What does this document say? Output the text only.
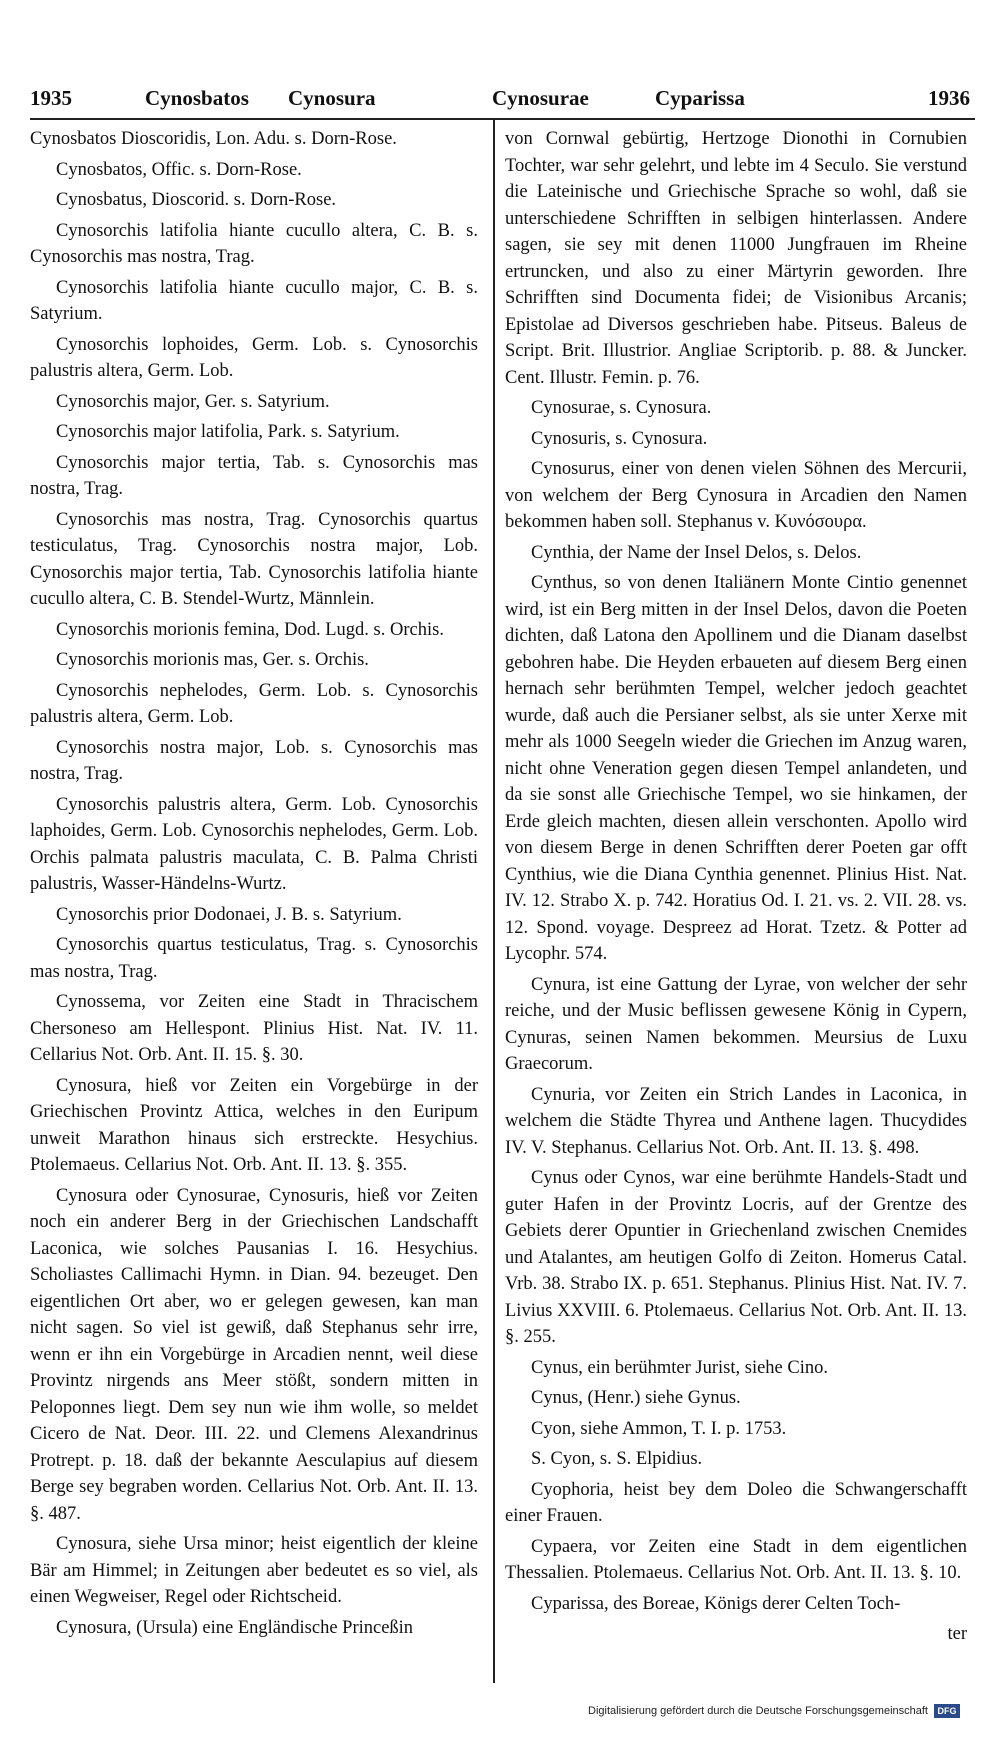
1935	Cynosbatos Cynosura	Cynosurae	Cyparissa	1936

Cynosbatos Dioscoridis, Lon. Adu. s. Dorn-Rose.

Cynosbatos, Offic. s. Dorn-Rose.

Cynosbatus, Dioscorid. s. Dorn-Rose.

Cynosorchis latifolia hiante cucullo altera, C. B. s. Cynosorchis mas nostra, Trag.

Cynosorchis latifolia hiante cucullo major, C. B. s. Satyrium.

Cynosorchis lophoides, Germ. Lob. s. Cynosorchis palustris altera, Germ. Lob.

Cynosorchis major, Ger. s. Satyrium.

Cynosorchis major latifolia, Park. s. Satyrium.

Cynosorchis major tertia, Tab. s. Cynosorchis mas nostra, Trag.

Cynosorchis mas nostra, Trag. Cynosorchis quartus testiculatus, Trag. Cynosorchis nostra major, Lob. Cynosorchis major tertia, Tab. Cynosorchis latifolia hiante cucullo altera, C. B. Stendel-Wurtz, Männlein.

Cynosorchis morionis femina, Dod. Lugd. s. Orchis.

Cynosorchis morionis mas, Ger. s. Orchis.

Cynosorchis nephelodes, Germ. Lob. s. Cynosorchis palustris altera, Germ. Lob.

Cynosorchis nostra major, Lob. s. Cynosorchis mas nostra, Trag.

Cynosorchis palustris altera, Germ. Lob. Cynosorchis laphoides, Germ. Lob. Cynosorchis nephelodes, Germ. Lob. Orchis palmata palustris maculata, C. B. Palma Christi palustris, Wasser-Händelns-Wurtz.

Cynosorchis prior Dodonaei, J. B. s. Satyrium.

Cynosorchis quartus testiculatus, Trag. s. Cynosorchis mas nostra, Trag.

Cynossema, vor Zeiten eine Stadt in Thracischem Chersoneso am Hellespont. Plinius Hist. Nat. IV. 11. Cellarius Not. Orb. Ant. II. 15. §. 30.

Cynosura, hieß vor Zeiten ein Vorgebürge in der Griechischen Provintz Attica, welches in den Euripum unweit Marathon hinaus sich erstreckte. Hesychius. Ptolemaeus. Cellarius Not. Orb. Ant. II. 13. §. 355.

Cynosura oder Cynosurae, Cynosuris, hieß vor Zeiten noch ein anderer Berg in der Griechischen Landschafft Laconica, wie solches Pausanias I. 16. Hesychius. Scholiastes Callimachi Hymn. in Dian. 94. bezeuget. Den eigentlichen Ort aber, wo er gelegen gewesen, kan man nicht sagen. So viel ist gewiß, daß Stephanus sehr irre, wenn er ihn ein Vorgebürge in Arcadien nennt, weil diese Provintz nirgends ans Meer stößt, sondern mitten in Peloponnes liegt. Dem sey nun wie ihm wolle, so meldet Cicero de Nat. Deor. III. 22. und Clemens Alexandrinus Protrept. p. 18. daß der bekannte Aesculapius auf diesem Berge sey begraben worden. Cellarius Not. Orb. Ant. II. 13. §. 487.

Cynosura, siehe Ursa minor; heist eigentlich der kleine Bär am Himmel; in Zeitungen aber bedeutet es so viel, als einen Wegweiser, Regel oder Richtscheid.

Cynosura, (Ursula) eine Engländische Princeßin

von Cornwal gebürtig, Hertzoge Dionothi in Cornubien Tochter, war sehr gelehrt, und lebte im 4 Seculo. Sie verstund die Lateinische und Griechische Sprache so wohl, daß sie unterschiedene Schrifften in selbigen hinterlassen. Andere sagen, sie sey mit denen 11000 Jungfrauen im Rheine ertruncken, und also zu einer Märtyrin geworden. Ihre Schrifften sind Documenta fidei; de Visionibus Arcanis; Epistolae ad Diversos geschrieben habe. Pitseus. Baleus de Script. Brit. Illustrior. Angliae Scriptorib. p. 88. & Juncker. Cent. Illustr. Femin. p. 76.

Cynosurae, s. Cynosura.

Cynosuris, s. Cynosura.

Cynosurus, einer von denen vielen Söhnen des Mercurii, von welchem der Berg Cynosura in Arcadien den Namen bekommen haben soll. Stephanus v. Κυνόσουρα.

Cynthia, der Name der Insel Delos, s. Delos.

Cynthus, so von denen Italiänern Monte Cintio genennet wird, ist ein Berg mitten in der Insel Delos, davon die Poeten dichten, daß Latona den Apollinem und die Dianam daselbst gebohren habe. Die Heyden erbaueten auf diesem Berg einen hernach sehr berühmten Tempel, welcher jedoch geachtet wurde, daß auch die Persianer selbst, als sie unter Xerxe mit mehr als 1000 Seegeln wieder die Griechen im Anzug waren, nicht ohne Veneration gegen diesen Tempel anlandeten, und da sie sonst alle Griechische Tempel, wo sie hinkamen, der Erde gleich machten, diesen allein verschonten. Apollo wird von diesem Berge in denen Schrifften derer Poeten gar offt Cynthius, wie die Diana Cynthia genennet. Plinius Hist. Nat. IV. 12. Strabo X. p. 742. Horatius Od. I. 21. vs. 2. VII. 28. vs. 12. Spond. voyage. Despreez ad Horat. Tzetz. & Potter ad Lycophr. 574.

Cynura, ist eine Gattung der Lyrae, von welcher der sehr reiche, und der Music beflissen gewesene König in Cypern, Cynuras, seinen Namen bekommen. Meursius de Luxu Graecorum.

Cynuria, vor Zeiten ein Strich Landes in Laconica, in welchem die Städte Thyrea und Anthene lagen. Thucydides IV. V. Stephanus. Cellarius Not. Orb. Ant. II. 13. §. 498.

Cynus oder Cynos, war eine berühmte Handels-Stadt und guter Hafen in der Provintz Locris, auf der Grentze des Gebiets derer Opuntier in Griechenland zwischen Cnemides und Atalantes, am heutigen Golfo di Zeiton. Homerus Catal. Vrb. 38. Strabo IX. p. 651. Stephanus. Plinius Hist. Nat. IV. 7. Livius XXVIII. 6. Ptolemaeus. Cellarius Not. Orb. Ant. II. 13. §. 255.

Cynus, ein berühmter Jurist, siehe Cino.

Cynus, (Henr.) siehe Gynus.

Cyon, siehe Ammon, T. I. p. 1753.

S. Cyon, s. S. Elpidius.

Cyophoria, heist bey dem Doleo die Schwangerschafft einer Frauen.

Cypaera, vor Zeiten eine Stadt in dem eigentlichen Thessalien. Ptolemaeus. Cellarius Not. Orb. Ant. II. 13. §. 10.

Cyparissa, des Boreae, Königs derer Celten Toch-

ter

Digitalisierung gefördert durch die Deutsche Forschungsgemeinschaft	DFG
